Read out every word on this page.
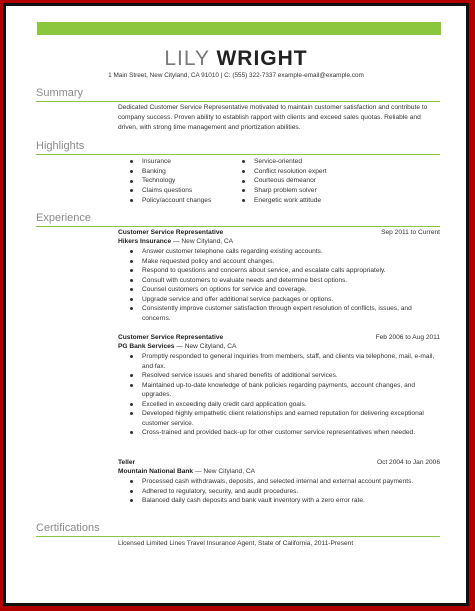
LILY WRIGHT
1 Main Street, New Cityland, CA 91010 | C: (555) 322-7337 example-email@example.com
Summary
Dedicated Customer Service Representative motivated to maintain customer satisfaction and contribute to company success. Proven ability to establish rapport with clients and exceed sales quotas. Reliable and driven, with strong time management and priortization abilities.
Highlights
Insurance
Banking
Technology
Claims questions
Policy/account changes
Service-oriented
Conflict resolution expert
Courteous demeanor
Sharp problem solver
Energetic work attitude
Experience
Customer Service Representative	Sep 2011 to Current
Hikers Insurance — New Cityland, CA
Answer customer telephone calls regarding existing accounts.
Make requested policy and account changes.
Respond to questions and concerns about service, and escalate calls appropriately.
Consult with customers to evaluate needs and determine best options.
Counsel customers on options for service and coverage.
Upgrade service and offer additional service packages or options.
Consistently improve customer satisfaction through expert resolution of conflicts, issues, and concerns.
Customer Service Representative	Feb 2006 to Aug 2011
PG Bank Services — New Cityland, CA
Promptly responded to general inquiries from members, staff, and clients via telephone, mail, e-mail, and fax.
Resolved service issues and shared benefits of additional services.
Maintained up-to-date knowledge of bank policies regarding payments, account changes, and upgrades.
Excelled in exceeding daily credit card application goals.
Developed highly empathetic client relationships and earned reputation for delivering exceptional customer service.
Cross-trained and provided back-up for other customer service representatives when needed.
Teller	Oct 2004 to Jan 2006
Mountain National Bank — New Cityland, CA
Processed cash withdrawals, deposits, and selected internal and external account payments.
Adhered to regulatory, security, and audit procedures.
Balanced daily cash deposits and bank vault inventory with a zero error rate.
Certifications
Licensed Limited Lines Travel Insurance Agent, State of California, 2011-Present
